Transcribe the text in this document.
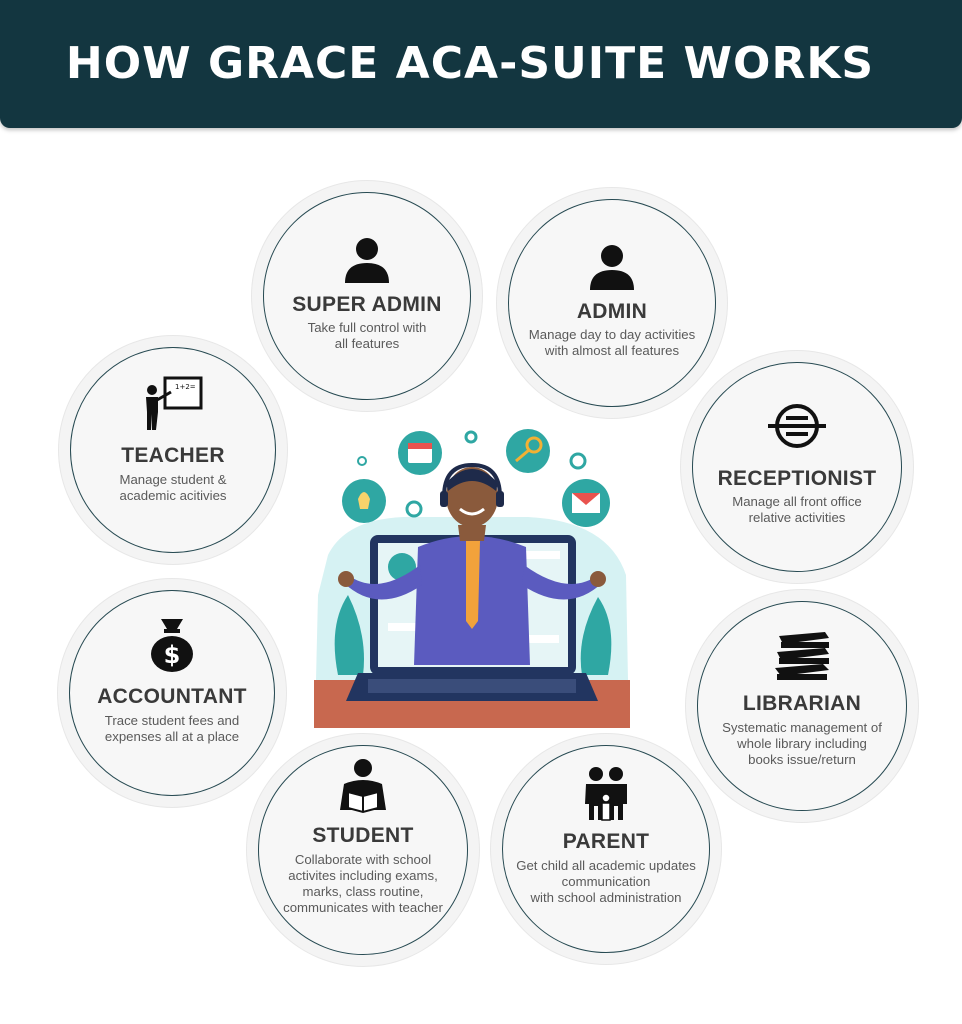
HOW GRACE ACA-SUITE WORKS
SUPER ADMIN
Take full control with
all features
ADMIN
Manage day to day activities
with almost all features
1+2=
TEACHER
Manage student &
academic acitivies
RECEPTIONIST
Manage all front office
relative activities
$
ACCOUNTANT
Trace student fees and
expenses all at a place
LIBRARIAN
Systematic management of
whole library including
books issue/return
STUDENT
Collaborate with school
activites including exams,
marks, class routine,
communicates with teacher
PARENT
Get child all academic updates
communication
with school administration
